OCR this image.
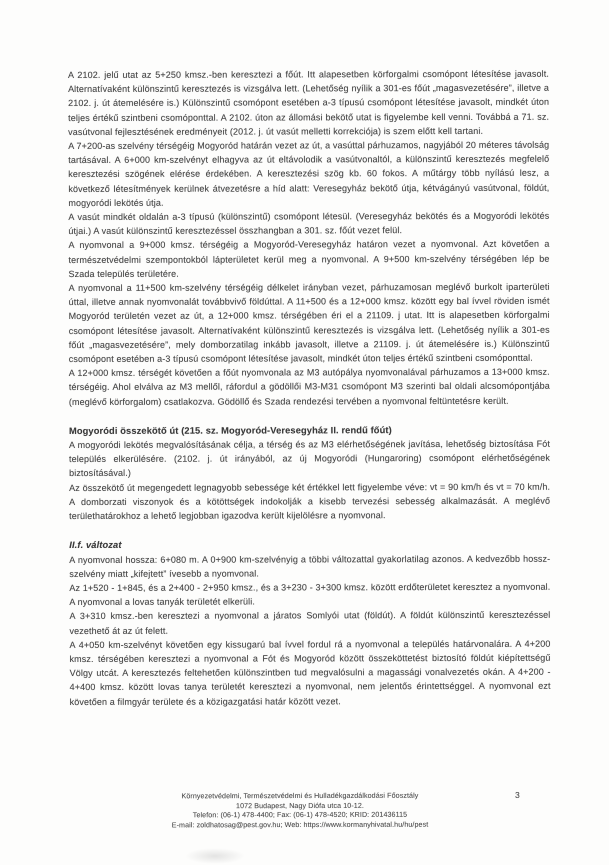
A 2102. jelű utat az 5+250 kmsz.-ben keresztezi a főút. Itt alapesetben körforgalmi csomópont létesítése javasolt. Alternatívaként különszintű keresztezés is vizsgálva lett. (Lehetőség nyílik a 301-es főút „magasvezetésére”, illetve a 2102. j. út átemelésére is.) Különszintű csomópont esetében a-3 típusú csomópont létesítése javasolt, mindkét úton teljes értékű szintbeni csomóponttal. A 2102. úton az állomási bekötő utat is figyelembe kell venni. Továbbá a 71. sz. vasútvonal fejlesztésének eredményeit (2012. j. út vasút melletti korrekciója) is szem előtt kell tartani.

A 7+200-as szelvény térségéig Mogyoród határán vezet az út, a vasúttal párhuzamos, nagyjából 20 méteres távolság tartásával. A 6+000 km-szelvényt elhagyva az út eltávolodik a vasútvonaltól, a különszintű keresztezés megfelelő keresztezési szögének elérése érdekében. A keresztezési szög kb. 60 fokos. A műtárgy több nyílású lesz, a következő létesítmények kerülnek átvezetésre a híd alatt: Veresegyház bekötő útja, kétvágányú vasútvonal, földút, mogyoródi lekötés útja.

A vasút mindkét oldalán a-3 típusú (különszintű) csomópont létesül. (Veresegyház bekötés és a Mogyoródi lekötés útjai.) A vasút különszintű keresztezéssel összhangban a 301. sz. főút vezet felül.

A nyomvonal a 9+000 kmsz. térségéig a Mogyoród-Veresegyház határon vezet a nyomvonal. Azt követően a természetvédelmi szempontokból lápterületet kerül meg a nyomvonal. A 9+500 km-szelvény térségében lép be Szada település területére.

A nyomvonal a 11+500 km-szelvény térségéig délkelet irányban vezet, párhuzamosan meglévő burkolt iparterületi úttal, illetve annak nyomvonalát továbbvivő földúttal. A 11+500 és a 12+000 kmsz. között egy bal ívvel röviden ismét Mogyoród területén vezet az út, a 12+000 kmsz. térségében éri el a 21109. j utat. Itt is alapesetben körforgalmi csomópont létesítése javasolt. Alternatívaként különszintű keresztezés is vizsgálva lett. (Lehetőség nyílik a 301-es főút „magasvezetésére”, mely domborzatilag inkább javasolt, illetve a 21109. j. út átemelésére is.) Különszintű csomópont esetében a-3 típusú csomópont létesítése javasolt, mindkét úton teljes értékű szintbeni csomóponttal.

A 12+000 kmsz. térségét követően a főút nyomvonala az M3 autópálya nyomvonalával párhuzamos a 13+000 kmsz. térségéig. Ahol elválva az M3 mellől, ráfordul a gödöllői M3-M31 csomópont M3 szerinti bal oldali alcsomópontjába (meglévő körforgalom) csatlakozva. Gödöllő és Szada rendezési tervében a nyomvonal feltüntetésre került.

Mogyoródi összekötő út (215. sz. Mogyoród-Veresegyház II. rendű főút)

A mogyoródi lekötés megvalósításának célja, a térség és az M3 elérhetőségének javítása, lehetőség biztosítása Fót település elkerülésére. (2102. j. út irányából, az új Mogyoródi (Hungaroring) csomópont elérhetőségének biztosításával.)

Az összekötő út megengedett legnagyobb sebessége két értékkel lett figyelembe véve: vt = 90 km/h és vt = 70 km/h. A domborzati viszonyok és a kötöttségek indokolják a kisebb tervezési sebesség alkalmazását. A meglévő területhatárokhoz a lehető legjobban igazodva került kijelölésre a nyomvonal.

II.f. változat

A nyomvonal hossza: 6+080 m. A 0+900 km-szelvényig a többi változattal gyakorlatilag azonos. A kedvezőbb hossz-szelvény miatt „kifejtett” ívesebb a nyomvonal.

Az 1+520 - 1+845, és a 2+400 - 2+950 kmsz., és a 3+230 - 3+300 kmsz. között erdőterületet keresztez a nyomvonal. A nyomvonal a lovas tanyák területét elkerüli.

A 3+310 kmsz.-ben keresztezi a nyomvonal a járatos Somlyói utat (földút). A földút különszintű keresztezéssel vezethető át az út felett.

A 4+050 km-szelvényt követően egy kissugarú bal ívvel fordul rá a nyomvonal a település határvonalára. A 4+200 kmsz. térségében keresztezi a nyomvonal a Fót és Mogyoród között összeköttetést biztosító földút kiépítettségű Völgy utcát. A keresztezés feltehetően különszintben tud megvalósulni a magassági vonalvezetés okán. A 4+200 - 4+400 kmsz. között lovas tanya területét keresztezi a nyomvonal, nem jelentős érintettséggel. A nyomvonal ezt követően a filmgyár területe és a közigazgatási határ között vezet.

Környezetvédelmi, Természetvédelmi és Hulladékgazdálkodási Főosztály
1072 Budapest, Nagy Diófa utca 10-12.
Telefon: (06-1) 478-4400; Fax: (06-1) 478-4520; KRID: 201436115
E-mail: zoldhatosag@pest.gov.hu; Web: https://www.kormanyhivatal.hu/hu/pest
3
